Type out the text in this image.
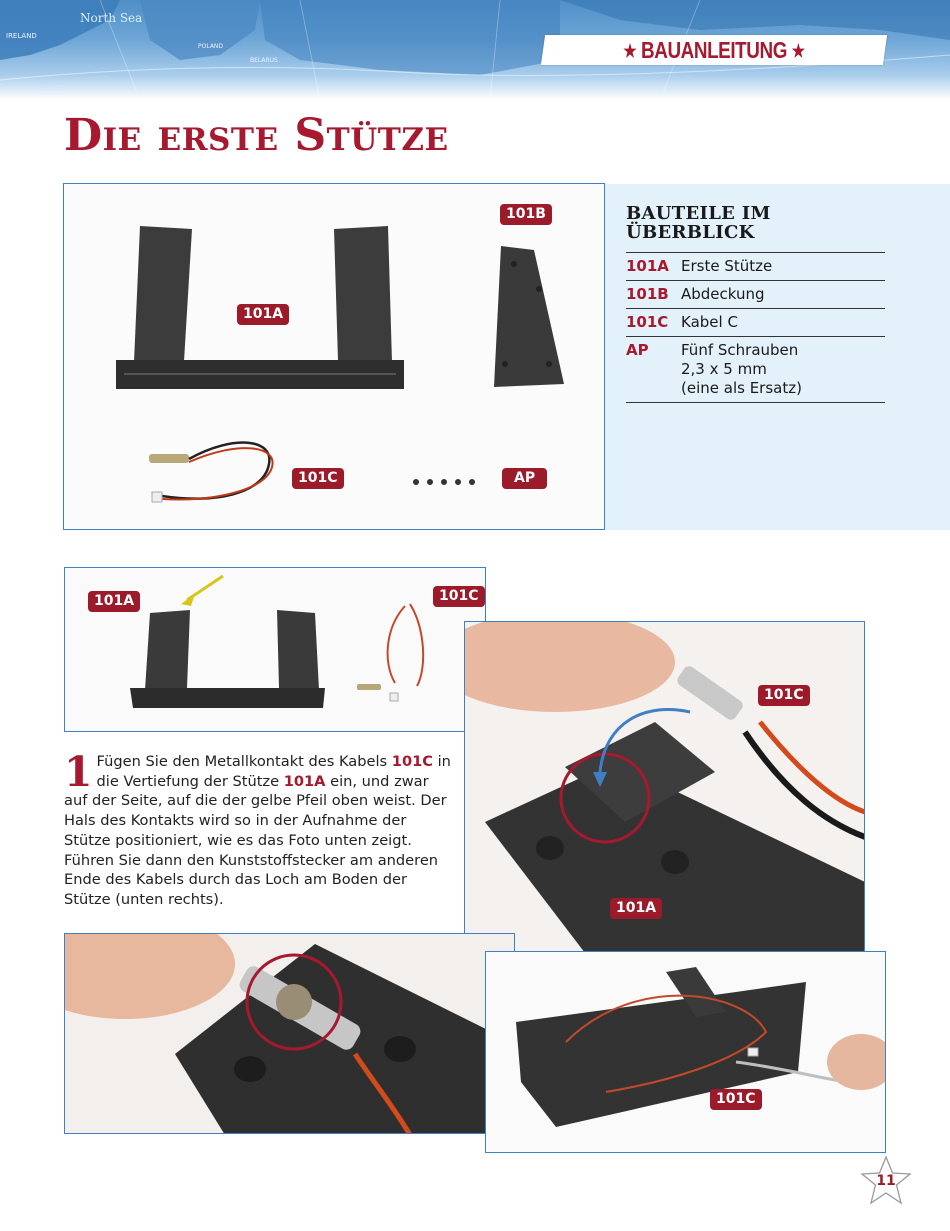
North Sea
IRELAND
POLAND
BELARUS
FRANCE
★ BAUANLEITUNG ★
Die erste Stütze
101B
101A
101C	AP
BAUTEILE IM ÜBERBLICK
101A Erste Stütze
101B Abdeckung
101C Kabel C
AP	Fünf Schrauben
2,3 x 5 mm
(eine als Ersatz)
101A	101C
101C
101A
1 Fügen Sie den Metallkontakt des Kabels 101C in die Vertiefung der Stütze 101A ein, und zwar auf der Seite, auf die der gelbe Pfeil oben weist. Der Hals des Kontakts wird so in der Aufnahme der Stütze positioniert, wie es das Foto unten zeigt. Führen Sie dann den Kunststoffstecker am anderen Ende des Kabels durch das Loch am Boden der Stütze (unten rechts).
101C
11
